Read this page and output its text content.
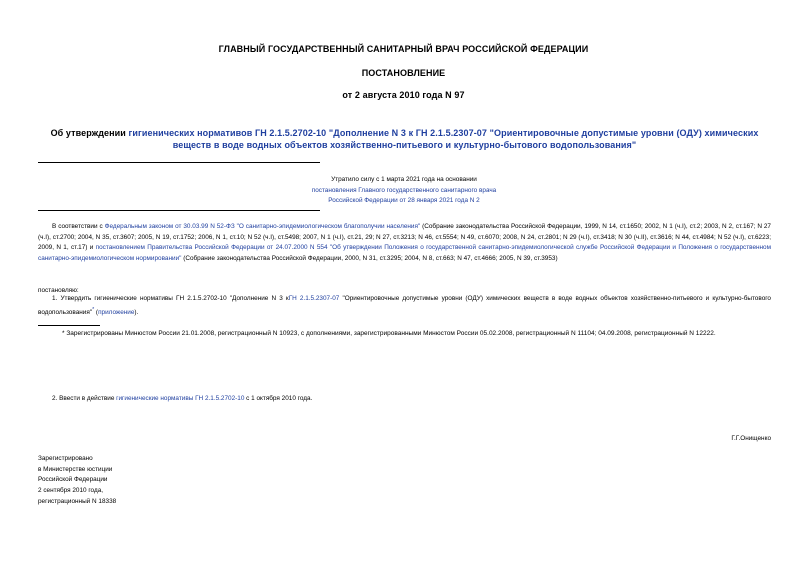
ГЛАВНЫЙ ГОСУДАРСТВЕННЫЙ САНИТАРНЫЙ ВРАЧ РОССИЙСКОЙ ФЕДЕРАЦИИ
ПОСТАНОВЛЕНИЕ
от 2 августа 2010 года N 97
Об утверждении гигиенических нормативов ГН 2.1.5.2702-10 "Дополнение N 3 к ГН 2.1.5.2307-07 "Ориентировочные допустимые уровни (ОДУ) химических веществ в воде водных объектов хозяйственно-питьевого и культурно-бытового водопользования"
Утратило силу с 1 марта 2021 года на основании
постановления Главного государственного санитарного врача
Российской Федерации от 28 января 2021 года N 2
В соответствии с Федеральным законом от 30.03.99 N 52-ФЗ "О санитарно-эпидемиологическом благополучии населения" (Собрание законодательства Российской Федерации, 1999, N 14, ст.1650; 2002, N 1 (ч.I), ст.2; 2003, N 2, ст.167; N 27 (ч.I), ст.2700; 2004, N 35, ст.3607; 2005, N 19, ст.1752; 2006, N 1, ст.10; N 52 (ч.I), ст.5498; 2007, N 1 (ч.I), ст.21, 29; N 27, ст.3213; N 46, ст.5554; N 49, ст.6070; 2008, N 24, ст.2801; N 29 (ч.I), ст.3418; N 30 (ч.II), ст.3616; N 44, ст.4984; N 52 (ч.I), ст.6223; 2009, N 1, ст.17) и постановлением Правительства Российской Федерации от 24.07.2000 N 554 "Об утверждении Положения о государственной санитарно-эпидемиологической службе Российской Федерации и Положения о государственном санитарно-эпидемиологическом нормировании" (Собрание законодательства Российской Федерации, 2000, N 31, ст.3295; 2004, N 8, ст.663; N 47, ст.4666; 2005, N 39, ст.3953)
постановляю:
1. Утвердить гигиенические нормативы ГН 2.1.5.2702-10 "Дополнение N 3 кГН 2.1.5.2307-07 "Ориентировочные допустимые уровни (ОДУ) химических веществ в воде водных объектов хозяйственно-питьевого и культурно-бытового водопользования"* (приложение).
* Зарегистрированы Минюстом России 21.01.2008, регистрационный N 10923, с дополнениями, зарегистрированными Минюстом России 05.02.2008, регистрационный N 11104; 04.09.2008, регистрационный N 12222.
2. Ввести в действие гигиенические нормативы ГН 2.1.5.2702-10 с 1 октября 2010 года.
Г.Г.Онищенко
Зарегистрировано
в Министерстве юстиции
Российской Федерации
2 сентября 2010 года,
регистрационный N 18338
